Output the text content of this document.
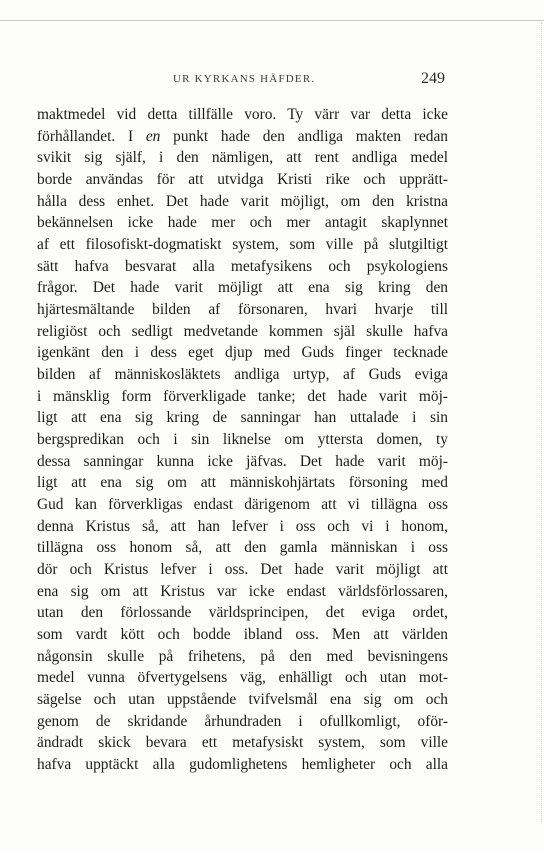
UR KYRKANS HÄFDER.	249
maktmedel vid detta tillfälle voro. Ty värr var detta icke
förhållandet. I en punkt hade den andliga makten redan
svikit sig själf, i den nämligen, att rent andliga medel
borde användas för att utvidga Kristi rike och upprätt-
hålla dess enhet. Det hade varit möjligt, om den kristna
bekännelsen icke hade mer och mer antagit skaplynnet
af ett filosofiskt-dogmatiskt system, som ville på slutgiltigt
sätt hafva besvarat alla metafysikens och psykologiens
frågor. Det hade varit möjligt att ena sig kring den
hjärtesmältande bilden af försonaren, hvari hvarje till
religiöst och sedligt medvetande kommen själ skulle hafva
igenkänt den i dess eget djup med Guds finger tecknade
bilden af människosläktets andliga urtyp, af Guds eviga
i mänsklig form förverkligade tanke; det hade varit möj-
ligt att ena sig kring de sanningar han uttalade i sin
bergspredikan och i sin liknelse om yttersta domen, ty
dessa sanningar kunna icke jäfvas. Det hade varit möj-
ligt att ena sig om att människohjärtats försoning med
Gud kan förverkligas endast därigenom att vi tillägna oss
denna Kristus så, att han lefver i oss och vi i honom,
tillägna oss honom så, att den gamla människan i oss
dör och Kristus lefver i oss. Det hade varit möjligt att
ena sig om att Kristus var icke endast världsförlossaren,
utan den förlossande världsprincipen, det eviga ordet,
som vardt kött och bodde ibland oss. Men att världen
någonsin skulle på frihetens, på den med bevisningens
medel vunna öfvertygelsens väg, enhälligt och utan mot-
sägelse och utan uppstående tvifvelsmål ena sig om och
genom de skridande århundraden i ofullkomligt, oför-
ändradt skick bevara ett metafysiskt system, som ville
hafva upptäckt alla gudomlighetens hemligheter och alla
